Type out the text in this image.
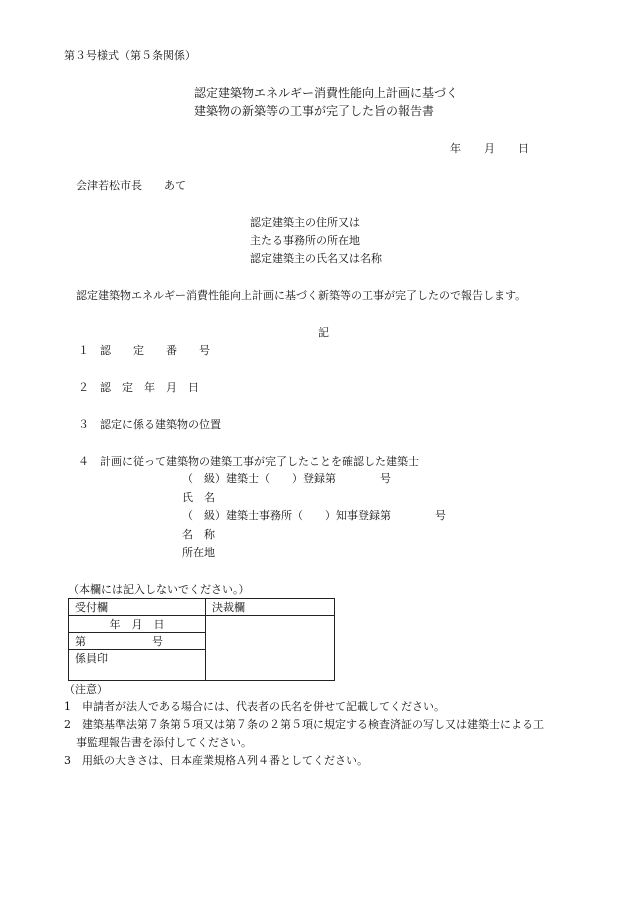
第３号様式（第５条関係）
認定建築物エネルギー消費性能向上計画に基づく
建築物の新築等の工事が完了した旨の報告書
年 月 日
会津若松市長　　あて
認定建築主の住所又は
主たる事務所の所在地
認定建築主の氏名又は名称
認定建築物エネルギー消費性能向上計画に基づく新築等の工事が完了したので報告します。
記
１　認　　定　　番　　号
２　認　定　年　月　日
３　認定に係る建築物の位置
４　計画に従って建築物の建築工事が完了したことを確認した建築士
（　級）建築士（　　）登録第　　　　号
氏　名
（　級）建築士事務所（　　）知事登録第　　　　号
名　称
所在地
（本欄には記入しないでください。）
受付欄	決裁欄
年　月　日	
第　　　　　　号	
係員印	
（注意）
1　申請者が法人である場合には、代表者の氏名を併せて記載してください。
2　建築基準法第７条第５項又は第７条の２第５項に規定する検査済証の写し又は建築士による工
事監理報告書を添付してください。
3　用紙の大きさは、日本産業規格Ａ列４番としてください。
